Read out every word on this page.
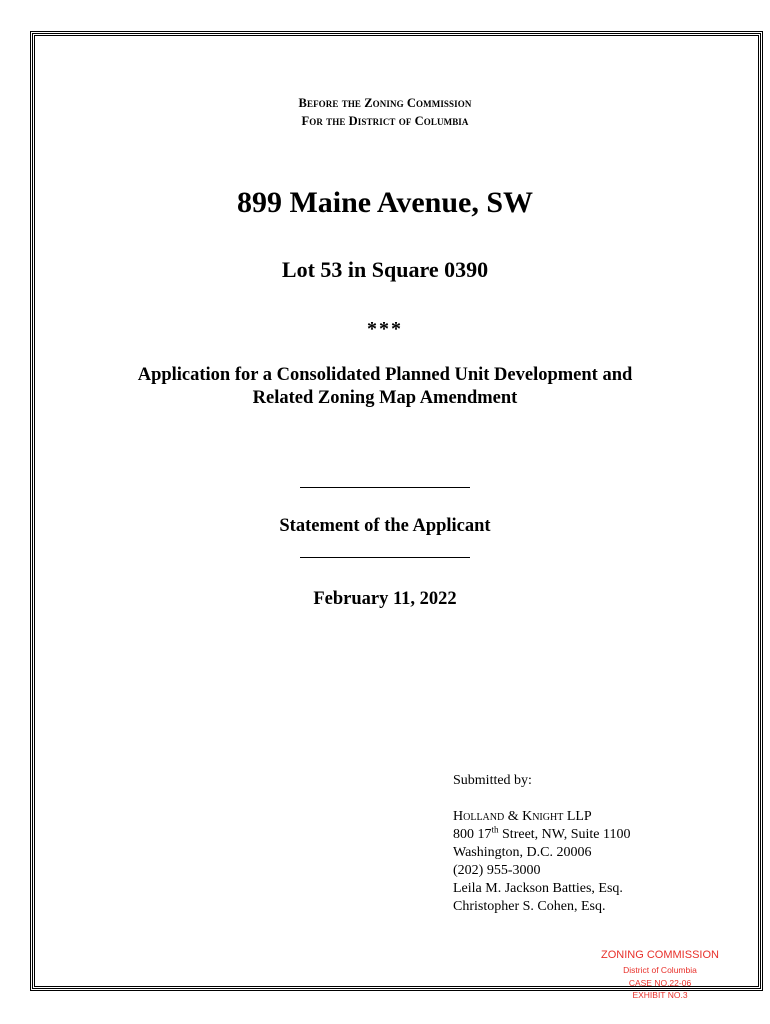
Before the Zoning Commission
For the District of Columbia
899 Maine Avenue, SW
Lot 53 in Square 0390
***
Application for a Consolidated Planned Unit Development and
Related Zoning Map Amendment
Statement of the Applicant
February 11, 2022
Submitted by:
Holland & Knight LLP
800 17th Street, NW, Suite 1100
Washington, D.C. 20006
(202) 955-3000
Leila M. Jackson Batties, Esq.
Christopher S. Cohen, Esq.
ZONING COMMISSION
District of Columbia
CASE NO.22-06
EXHIBIT NO.3
